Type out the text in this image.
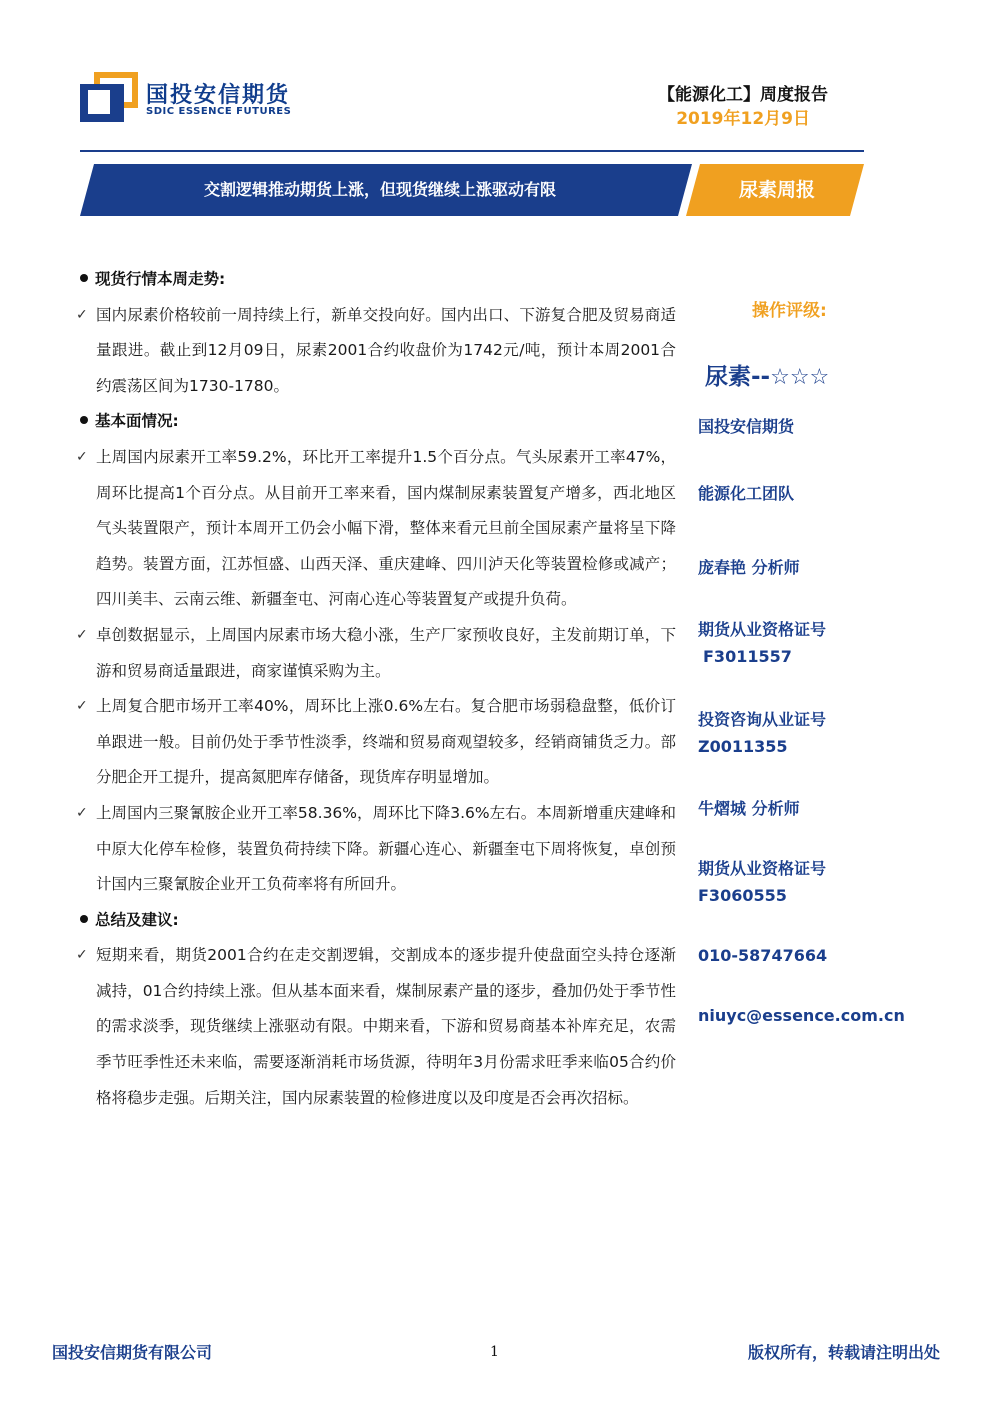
国投安信期货
SDIC ESSENCE FUTURES
【能源化工】周度报告
2019年12月9日
交割逻辑推动期货上涨，但现货继续上涨驱动有限	尿素周报
现货行情本周走势:
✓ 国内尿素价格较前一周持续上行，新单交投向好。国内出口、下游复合肥及贸易商适量跟进。截止到12月09日，尿素2001合约收盘价为1742元/吨，预计本周2001合约震荡区间为1730-1780。
基本面情况:
✓ 上周国内尿素开工率59.2%，环比开工率提升1.5个百分点。气头尿素开工率47%，周环比提高1个百分点。从目前开工率来看，国内煤制尿素装置复产增多，西北地区气头装置限产，预计本周开工仍会小幅下滑，整体来看元旦前全国尿素产量将呈下降趋势。装置方面，江苏恒盛、山西天泽、重庆建峰、四川泸天化等装置检修或减产；四川美丰、云南云维、新疆奎屯、河南心连心等装置复产或提升负荷。
✓ 卓创数据显示，上周国内尿素市场大稳小涨，生产厂家预收良好，主发前期订单，下游和贸易商适量跟进，商家谨慎采购为主。
✓ 上周复合肥市场开工率40%，周环比上涨0.6%左右。复合肥市场弱稳盘整，低价订单跟进一般。目前仍处于季节性淡季，终端和贸易商观望较多，经销商铺货乏力。部分肥企开工提升，提高氮肥库存储备，现货库存明显增加。
✓ 上周国内三聚氰胺企业开工率58.36%，周环比下降3.6%左右。本周新增重庆建峰和中原大化停车检修，装置负荷持续下降。新疆心连心、新疆奎屯下周将恢复，卓创预计国内三聚氰胺企业开工负荷率将有所回升。
总结及建议:
✓ 短期来看，期货2001合约在走交割逻辑，交割成本的逐步提升使盘面空头持仓逐渐减持，01合约持续上涨。但从基本面来看，煤制尿素产量的逐步，叠加仍处于季节性的需求淡季，现货继续上涨驱动有限。中期来看，下游和贸易商基本补库充足，农需季节旺季性还未来临，需要逐渐消耗市场货源，待明年3月份需求旺季来临05合约价格将稳步走强。后期关注，国内尿素装置的检修进度以及印度是否会再次招标。
操作评级:
尿素--☆☆☆
国投安信期货
能源化工团队
庞春艳 分析师
期货从业资格证号
F3011557
投资咨询从业证号
Z0011355
牛熠城 分析师
期货从业资格证号
F3060555
010-58747664
niuyc@essence.com.cn
国投安信期货有限公司	1	版权所有，转载请注明出处
